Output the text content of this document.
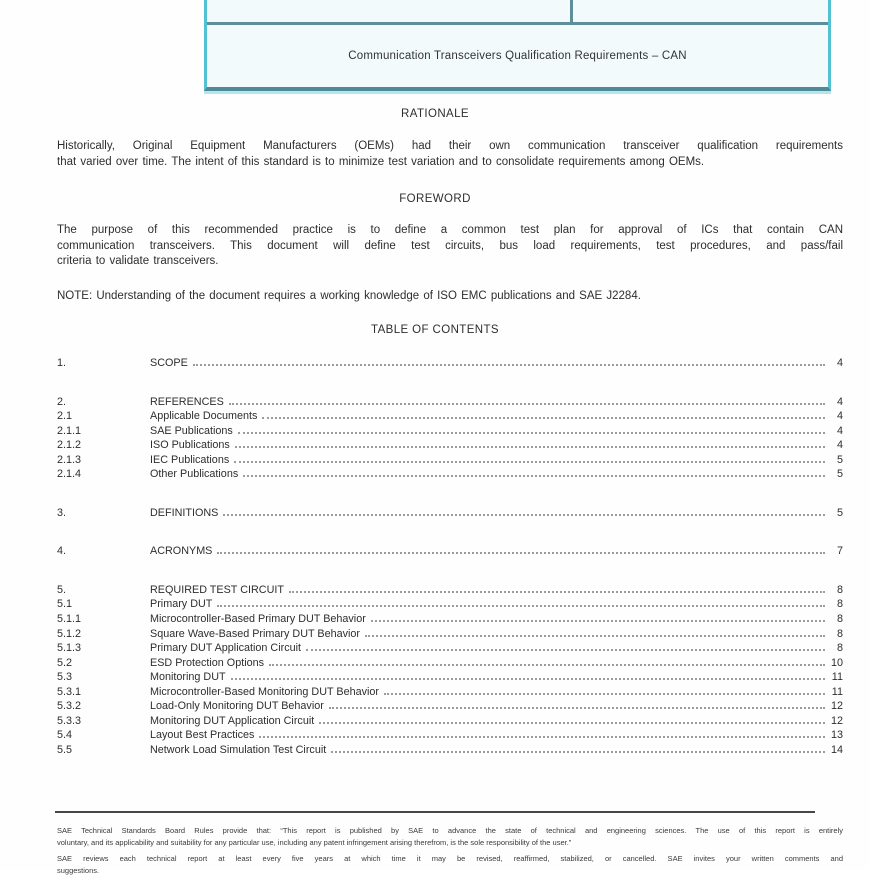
Communication Transceivers Qualification Requirements – CAN
RATIONALE
Historically, Original Equipment Manufacturers (OEMs) had their own communication transceiver qualification requirements
that varied over time. The intent of this standard is to minimize test variation and to consolidate requirements among OEMs.
FOREWORD
The purpose of this recommended practice is to define a common test plan for approval of ICs that contain CAN
communication transceivers. This document will define test circuits, bus load requirements, test procedures, and pass/fail
criteria to validate transceivers.
NOTE: Understanding of the document requires a working knowledge of ISO EMC publications and SAE J2284.
TABLE OF CONTENTS
1.	SCOPE	4
2.	REFERENCES	4
2.1	Applicable Documents	4
2.1.1	SAE Publications	4
2.1.2	ISO Publications	4
2.1.3	IEC Publications	5
2.1.4	Other Publications	5
3.	DEFINITIONS	5
4.	ACRONYMS	7
5.	REQUIRED TEST CIRCUIT	8
5.1	Primary DUT	8
5.1.1	Microcontroller-Based Primary DUT Behavior	8
5.1.2	Square Wave-Based Primary DUT Behavior	8
5.1.3	Primary DUT Application Circuit	8
5.2	ESD Protection Options	10
5.3	Monitoring DUT	11
5.3.1	Microcontroller-Based Monitoring DUT Behavior	11
5.3.2	Load-Only Monitoring DUT Behavior	12
5.3.3	Monitoring DUT Application Circuit	12
5.4	Layout Best Practices	13
5.5	Network Load Simulation Test Circuit	14
SAE Technical Standards Board Rules provide that: “This report is published by SAE to advance the state of technical and engineering sciences. The use of this report is entirely
voluntary, and its applicability and suitability for any particular use, including any patent infringement arising therefrom, is the sole responsibility of the user.”
SAE reviews each technical report at least every five years at which time it may be revised, reaffirmed, stabilized, or cancelled. SAE invites your written comments and
suggestions.
